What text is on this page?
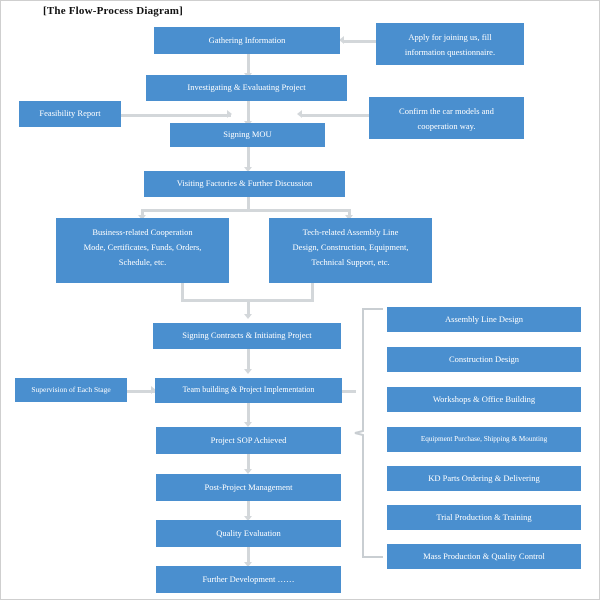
[The Flow-Process Diagram]
Gathering Information	Apply for joining us, fill
information questionnaire.
Investigating & Evaluating Project
Feasibility Report
Signing MOU
Confirm the car models and
cooperation way.
Visiting Factories & Further Discussion
Business-related Cooperation
Mode, Certificates, Funds, Orders,
Schedule, etc.
Tech-related Assembly Line
Design, Construction, Equipment,
Technical Support, etc.
Signing Contracts & Initiating Project
Supervision of Each Stage	Team building & Project Implementation
Project SOP Achieved
Post-Project Management
Quality Evaluation
Further Development ……
Assembly Line Design
Construction Design
Workshops & Office Building
Equipment Purchase, Shipping & Mounting
KD Parts Ordering & Delivering
Trial Production & Training
Mass Production & Quality Control
